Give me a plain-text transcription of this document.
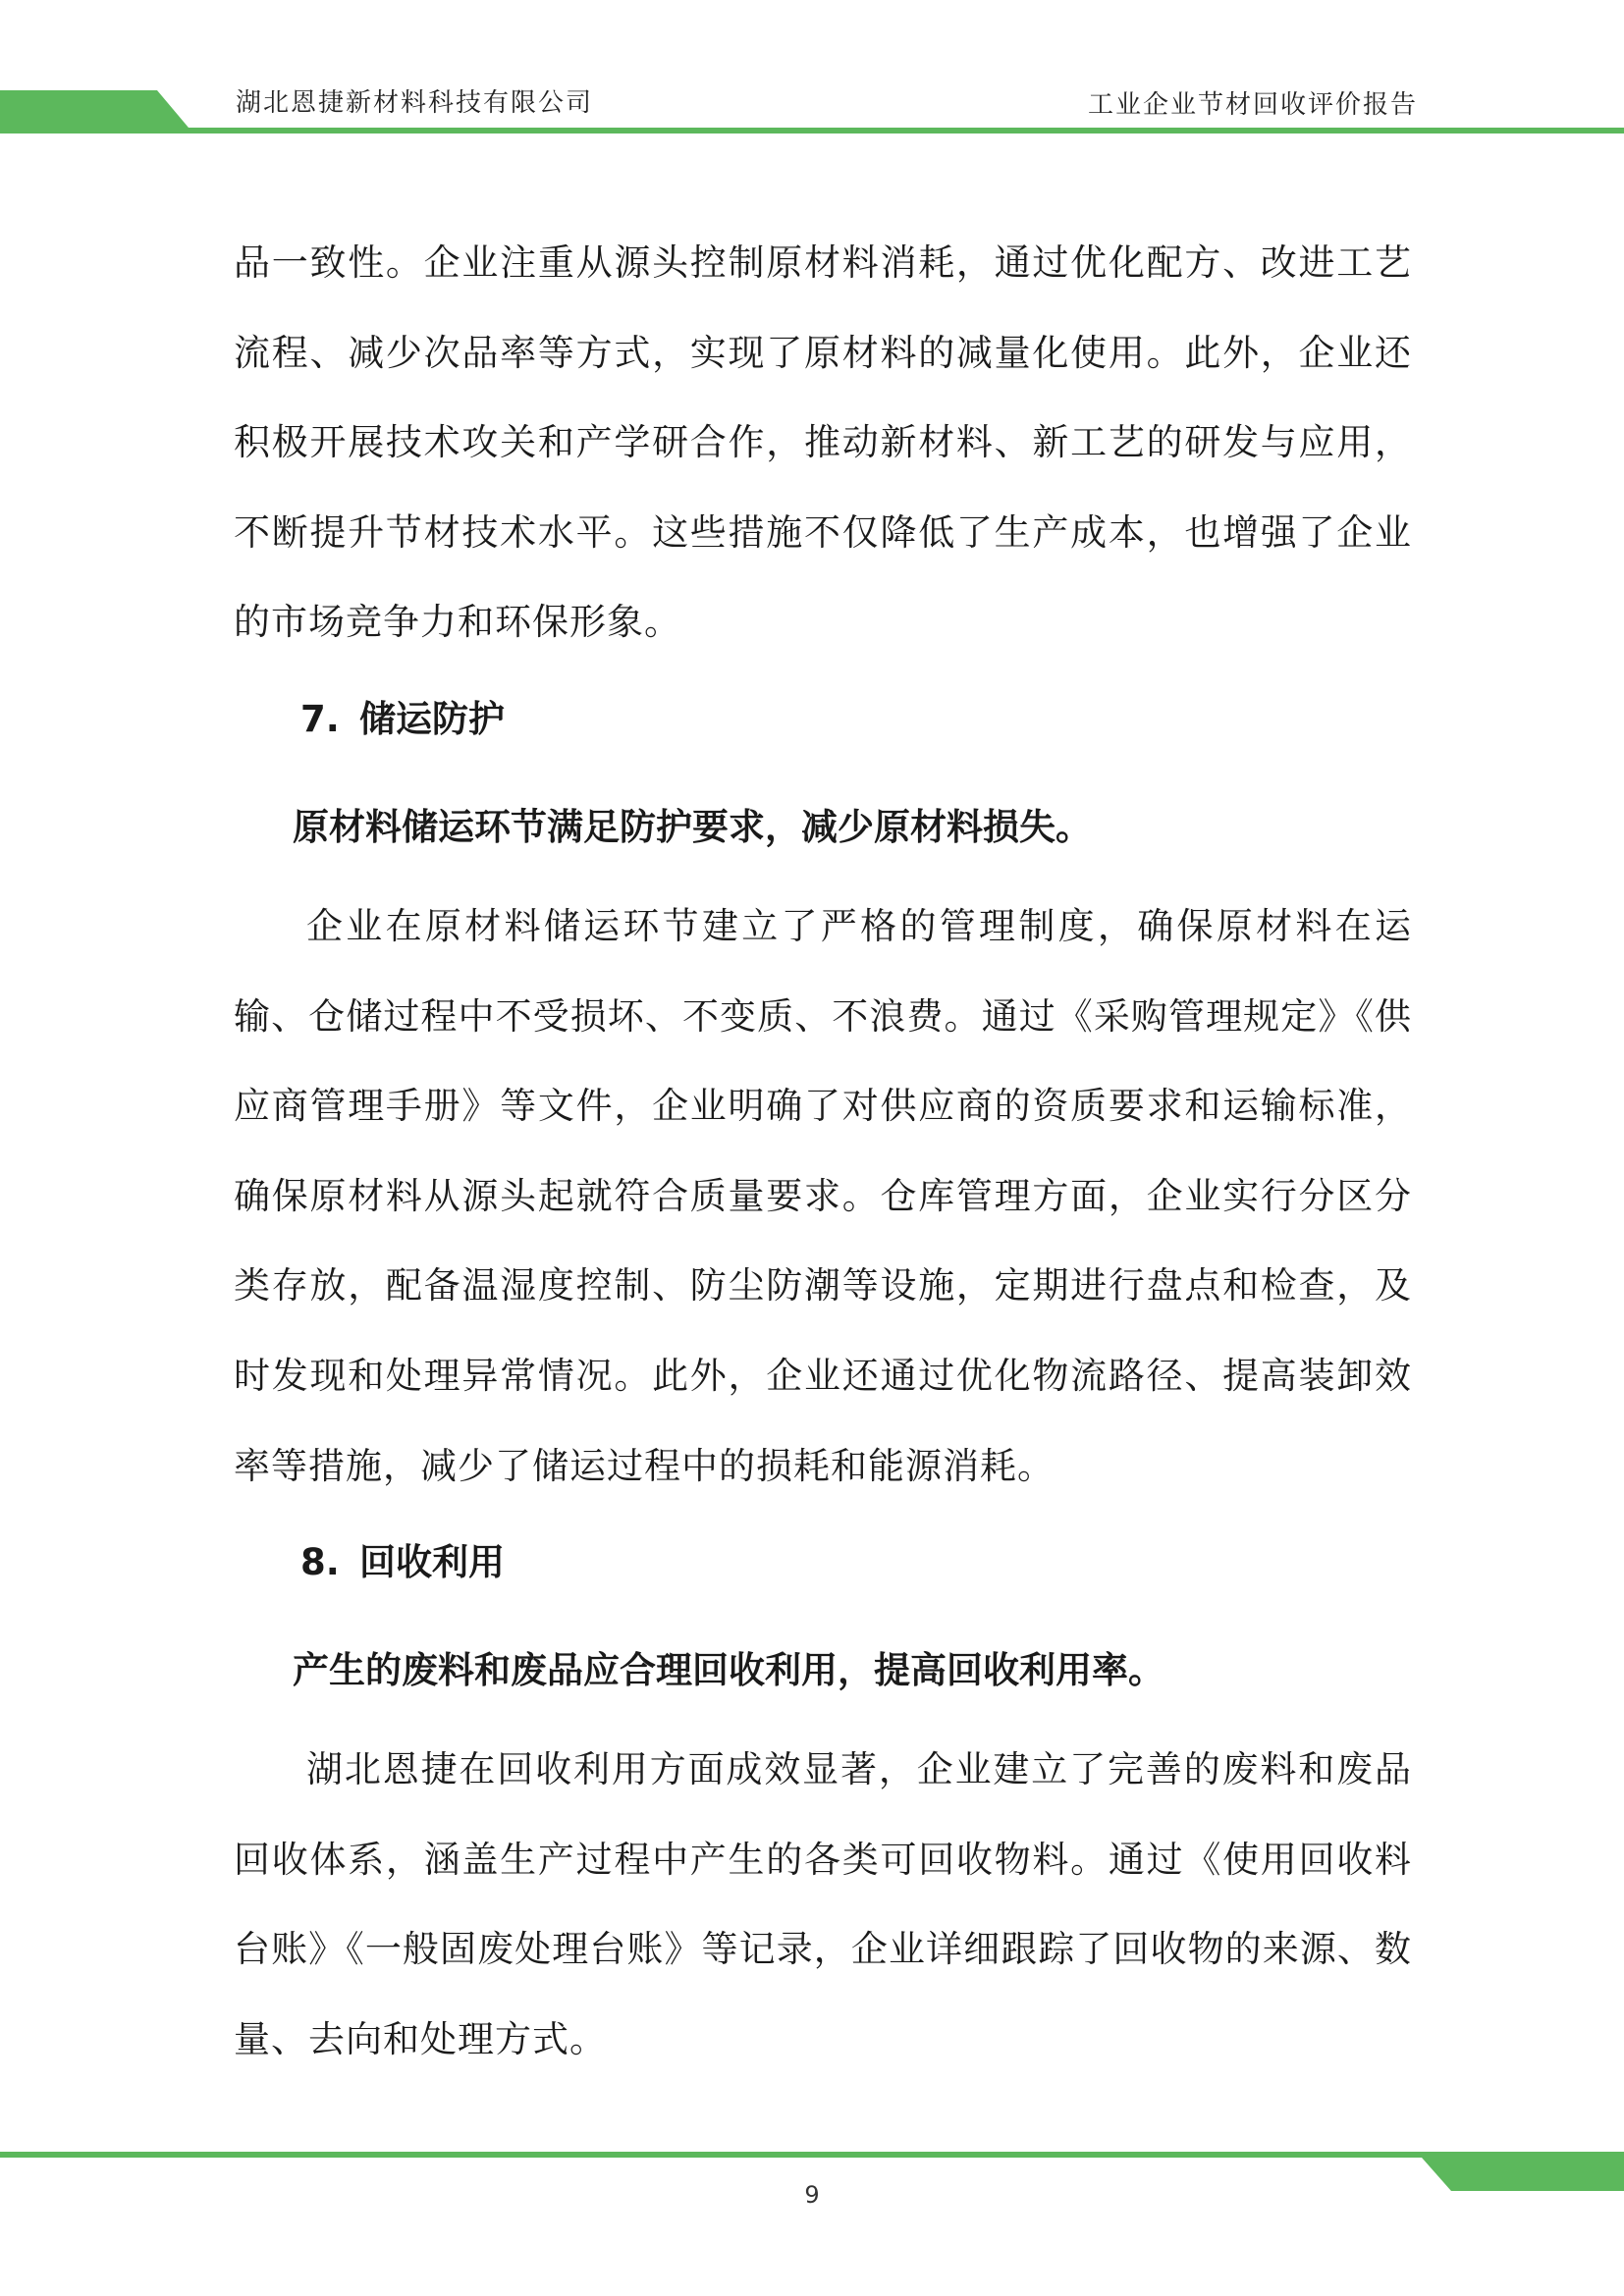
湖北恩捷新材料科技有限公司	工业企业节材回收评价报告

品一致性。企业注重从源头控制原材料消耗，通过优化配方、改进工艺流程、减少次品率等方式，实现了原材料的减量化使用。此外，企业还积极开展技术攻关和产学研合作，推动新材料、新工艺的研发与应用，不断提升节材技术水平。这些措施不仅降低了生产成本，也增强了企业的市场竞争力和环保形象。

7. 储运防护

原材料储运环节满足防护要求，减少原材料损失。

企业在原材料储运环节建立了严格的管理制度，确保原材料在运输、仓储过程中不受损坏、不变质、不浪费。通过《采购管理规定》《供应商管理手册》等文件，企业明确了对供应商的资质要求和运输标准，确保原材料从源头起就符合质量要求。仓库管理方面，企业实行分区分类存放，配备温湿度控制、防尘防潮等设施，定期进行盘点和检查，及时发现和处理异常情况。此外，企业还通过优化物流路径、提高装卸效率等措施，减少了储运过程中的损耗和能源消耗。

8. 回收利用

产生的废料和废品应合理回收利用，提高回收利用率。

湖北恩捷在回收利用方面成效显著，企业建立了完善的废料和废品回收体系，涵盖生产过程中产生的各类可回收物料。通过《使用回收料台账》《一般固废处理台账》等记录，企业详细跟踪了回收物的来源、数量、去向和处理方式。

9
